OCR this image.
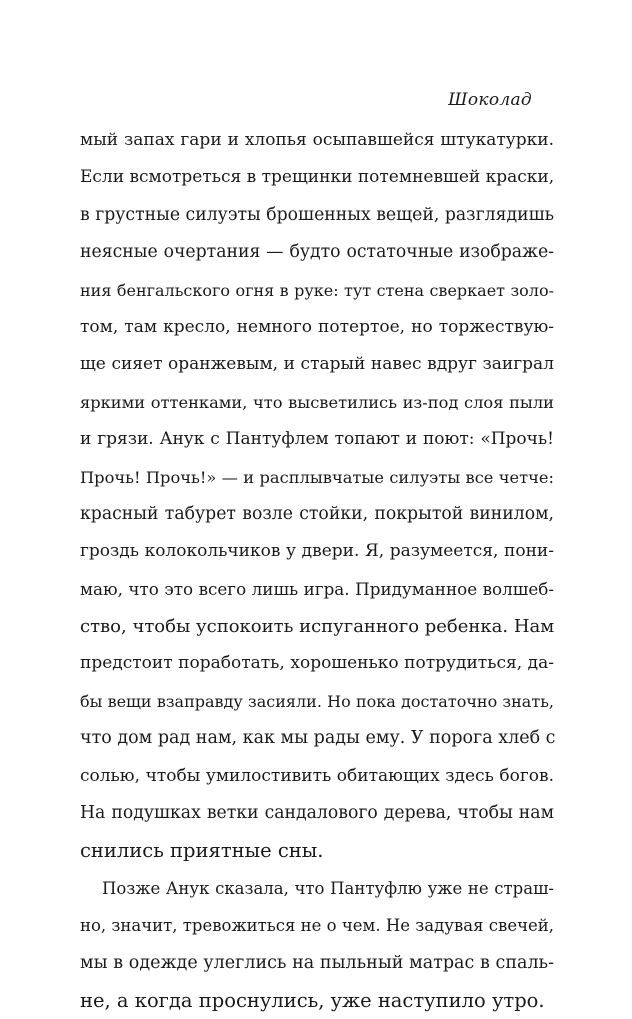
Шоколад
мый запах гари и хлопья осыпавшейся штукатурки.
Если всмотреться в трещинки потемневшей краски,
в грустные силуэты брошенных вещей, разглядишь
неясные очертания — будто остаточные изображе-
ния бенгальского огня в руке: тут стена сверкает золо-
том, там кресло, немного потертое, но торжествую-
ще сияет оранжевым, и старый навес вдруг заиграл
яркими оттенками, что высветились из-под слоя пыли
и грязи. Анук с Пантуфлем топают и поют: «Прочь!
Прочь! Прочь!» — и расплывчатые силуэты все четче:
красный табурет возле стойки, покрытой винилом,
гроздь колокольчиков у двери. Я, разумеется, пони-
маю, что это всего лишь игра. Придуманное волшеб-
ство, чтобы успокоить испуганного ребенка. Нам
предстоит поработать, хорошенько потрудиться, да-
бы вещи взаправду засияли. Но пока достаточно знать,
что дом рад нам, как мы рады ему. У порога хлеб с
солью, чтобы умилостивить обитающих здесь богов.
На подушках ветки сандалового дерева, чтобы нам
снились приятные сны.
Позже Анук сказала, что Пантуфлю уже не страш-
но, значит, тревожиться не о чем. Не задувая свечей,
мы в одежде улеглись на пыльный матрас в спаль-
не, а когда проснулись, уже наступило утро.
